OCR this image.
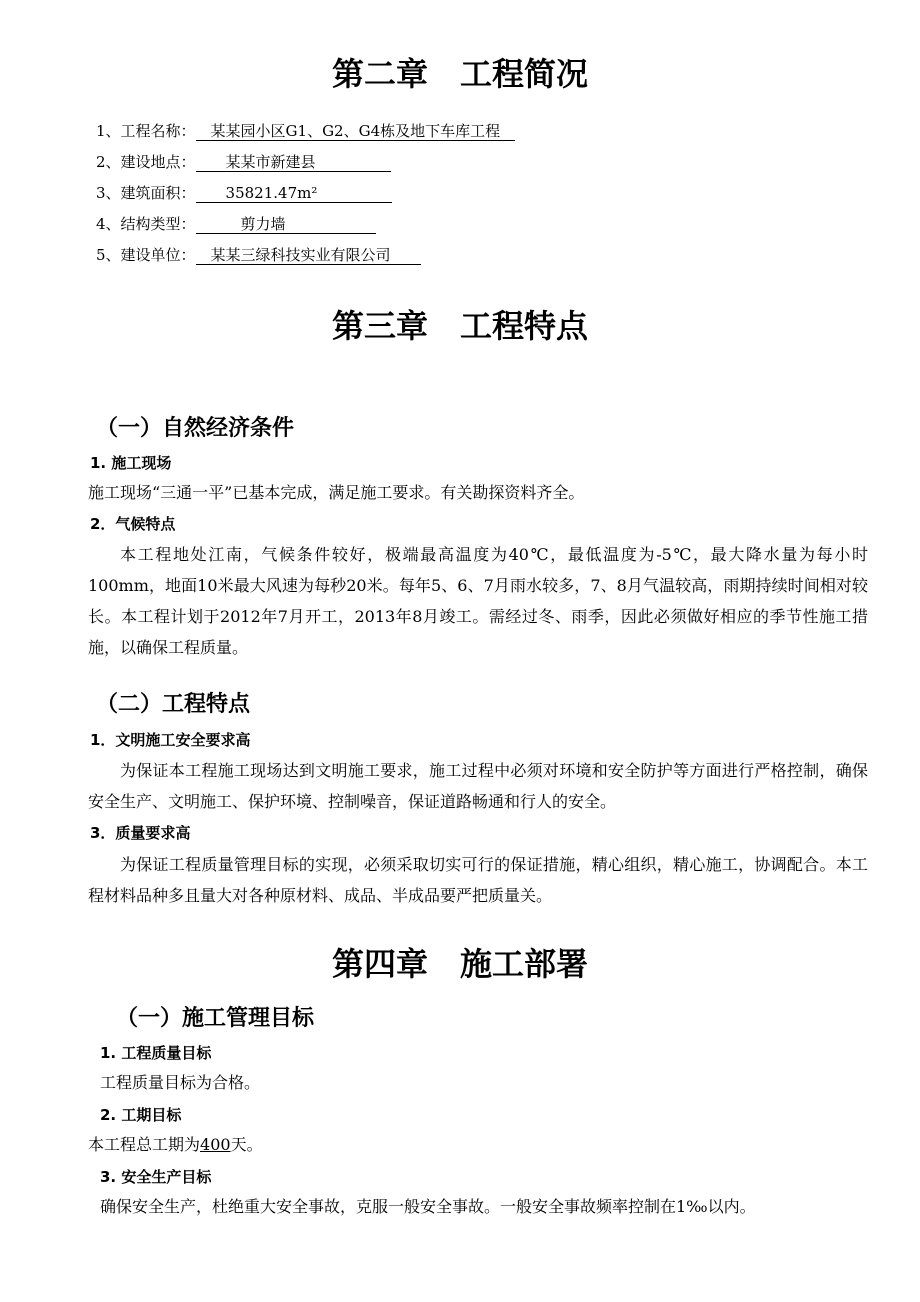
第二章　工程简况
1、工程名称：　某某园小区G1、G2、G4栋及地下车库工程　
2、建设地点：　　某某市新建县　　　　　
3、建筑面积：　　35821.47m²　　　　　
4、结构类型：　　　剪力墙　　　　　　
5、建设单位：　某某三绿科技实业有限公司　　
第三章　工程特点
（一）自然经济条件
1. 施工现场
施工现场“三通一平”已基本完成，满足施工要求。有关勘探资料齐全。
2．气候特点
本工程地处江南，气候条件较好，极端最高温度为40℃，最低温度为-5℃，最大降水量为每小时100mm，地面10米最大风速为每秒20米。每年5、6、7月雨水较多，7、8月气温较高，雨期持续时间相对较长。本工程计划于2012年7月开工，2013年8月竣工。需经过冬、雨季，因此必须做好相应的季节性施工措施，以确保工程质量。
（二）工程特点
1．文明施工安全要求高
为保证本工程施工现场达到文明施工要求，施工过程中必须对环境和安全防护等方面进行严格控制，确保安全生产、文明施工、保护环境、控制噪音，保证道路畅通和行人的安全。
3．质量要求高
为保证工程质量管理目标的实现，必须采取切实可行的保证措施，精心组织，精心施工，协调配合。本工程材料品种多且量大对各种原材料、成品、半成品要严把质量关。
第四章　施工部署
（一）施工管理目标
1. 工程质量目标
工程质量目标为合格。
2. 工期目标
本工程总工期为400天。
3. 安全生产目标
确保安全生产，杜绝重大安全事故，克服一般安全事故。一般安全事故频率控制在1‰以内。
